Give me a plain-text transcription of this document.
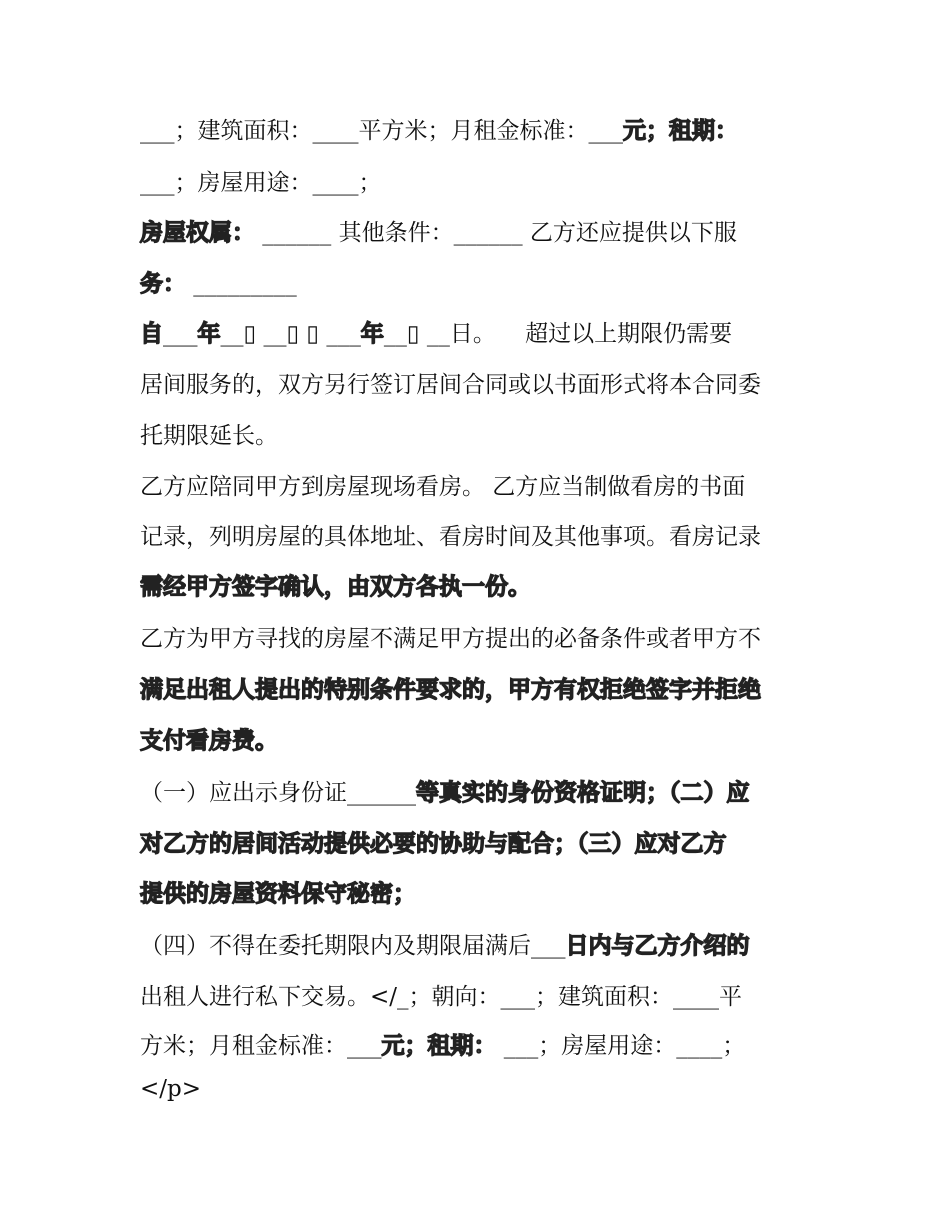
___；建筑面积：____平方米；月租金标准：___元；租期：
___；房屋用途：____；
房屋权属： ______ 其他条件：______ 乙方还应提供以下服
务： _________
自___年__▯ __▯ ▯ ___年__▯ __日。    超过以上期限仍需要
居间服务的，双方另行签订居间合同或以书面形式将本合同委
托期限延长。
乙方应陪同甲方到房屋现场看房。 乙方应当制做看房的书面
记录，列明房屋的具体地址、看房时间及其他事项。看房记录
需经甲方签字确认，由双方各执一份。
乙方为甲方寻找的房屋不满足甲方提出的必备条件或者甲方不
满足出租人提出的特别条件要求的，甲方有权拒绝签字并拒绝
支付看房费。
（一）应出示身份证______等真实的身份资格证明；（二）应
对乙方的居间活动提供必要的协助与配合；（三）应对乙方
提供的房屋资料保守秘密；
（四）不得在委托期限内及期限届满后___日内与乙方介绍的
出租人进行私下交易。</_；朝向：___；建筑面积：____平
方米；月租金标准：___元；租期： ___；房屋用途：____；
</p>
